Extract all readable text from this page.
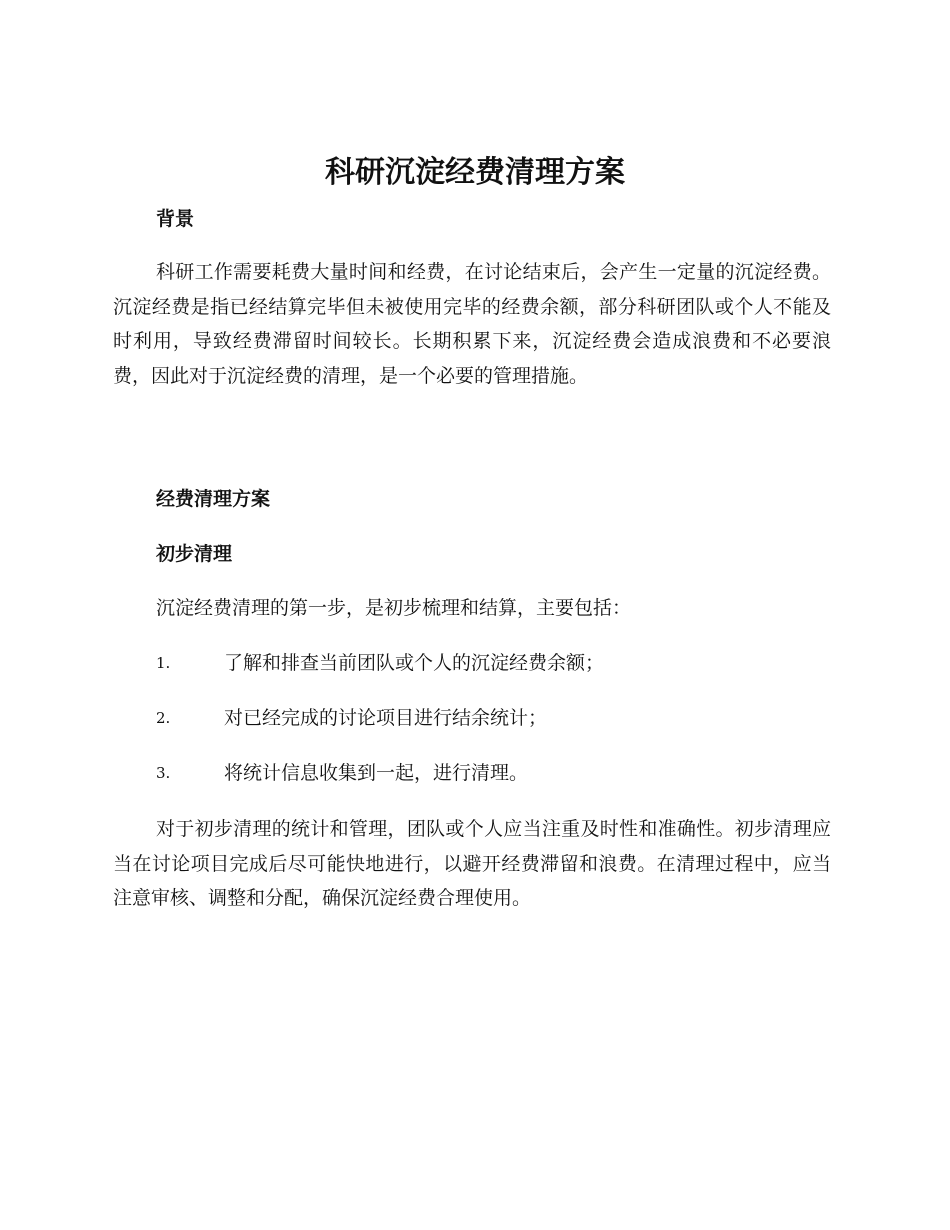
科研沉淀经费清理方案
背景

科研工作需要耗费大量时间和经费，在讨论结束后，会产生一定量的沉淀经费。沉淀经费是指已经结算完毕但未被使用完毕的经费余额，部分科研团队或个人不能及时利用，导致经费滞留时间较长。长期积累下来，沉淀经费会造成浪费和不必要浪费，因此对于沉淀经费的清理，是一个必要的管理措施。

经费清理方案
初步清理

沉淀经费清理的第一步，是初步梳理和结算，主要包括：

1.	了解和排查当前团队或个人的沉淀经费余额；
2.	对已经完成的讨论项目进行结余统计；
3.	将统计信息收集到一起，进行清理。

对于初步清理的统计和管理，团队或个人应当注重及时性和准确性。初步清理应当在讨论项目完成后尽可能快地进行，以避开经费滞留和浪费。在清理过程中，应当注意审核、调整和分配，确保沉淀经费合理使用。
